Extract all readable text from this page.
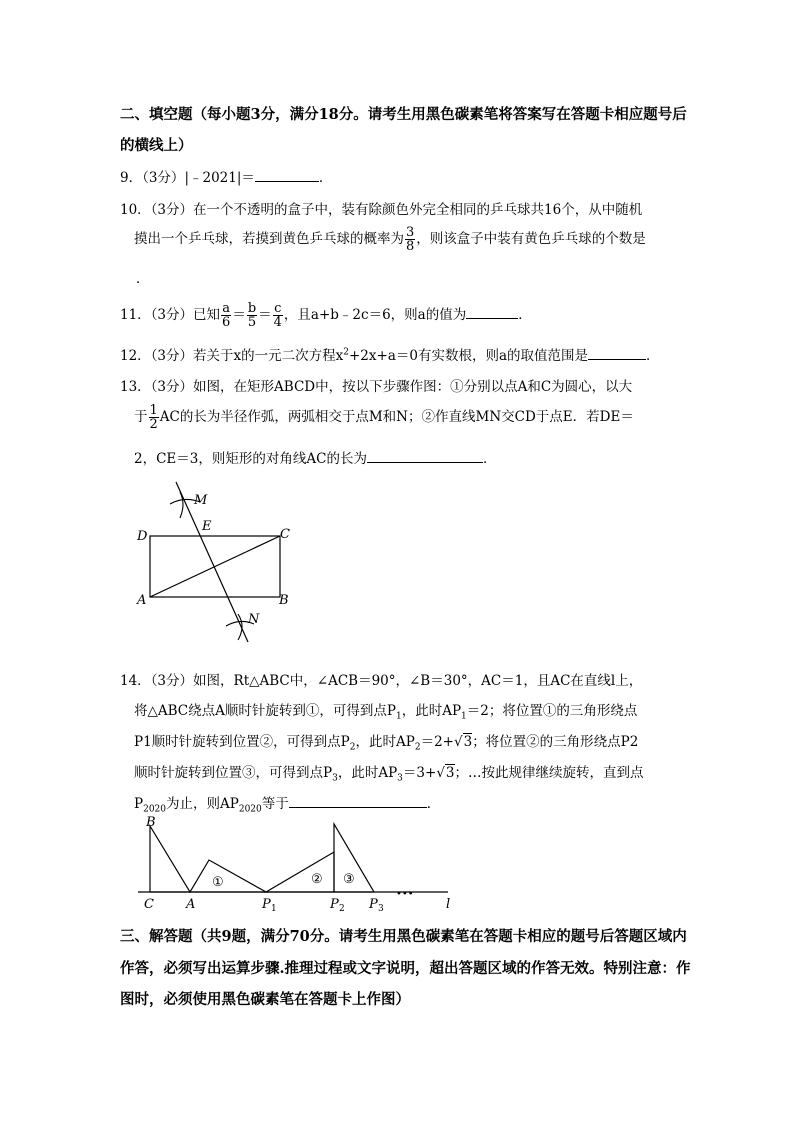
二、填空题（每小题3分，满分18分。请考生用黑色碳素笔将答案写在答题卡相应题号后
的横线上）
9．（3分）|﹣2021|＝	．
10．（3分）在一个不透明的盒子中，装有除颜色外完全相同的乒乓球共16个，从中随机
摸出一个乒乓球，若摸到黄色乒乓球的概率为 $\frac{3}{8}$ ，则该盒子中装有黄色乒乓球的个数是
．
11．（3分）已知 $\frac{a}{6} = \frac{b}{5} = \frac{c}{4}$ ，且a+b﹣2c＝6，则a的值为	．
12．（3分）若关于x的一元二次方程$x^2+2x+a=0$有实数根，则a的取值范围是	．
13．（3分）如图，在矩形ABCD中，按以下步骤作图：①分别以点A和C为圆心，以大
于 $\frac{1}{2}$ AC的长为半径作弧，两弧相交于点M和N；②作直线MN交CD于点E．若DE＝
2，CE＝3，则矩形的对角线AC的长为	．
M
E
D	C
A	B
N
14．（3分）如图，Rt△ABC中，∠ACB＝90°，∠B＝30°，AC＝1，且AC在直线l上，
将△ABC绕点A顺时针旋转到①，可得到点$P_1$，此时$AP_1=2$；将位置①的三角形绕点
P1顺时针旋转到位置②，可得到点$P_2$，此时$AP_2=2+√3$；将位置②的三角形绕点P2
顺时针旋转到位置③，可得到点$P_3$，此时$AP_3=3+√3$；…按此规律继续旋转，直到点
$P_{2020}$为止，则$AP_{2020}$等于	．
①	② ③
•••
B
C A	P 1	P 2 P 3	l
三、解答题（共9题，满分70分。请考生用黑色碳素笔在答题卡相应的题号后答题区域内
作答，必须写出运算步骤.推理过程或文字说明，超出答题区域的作答无效。特别注意：作
图时，必须使用黑色碳素笔在答题卡上作图）
